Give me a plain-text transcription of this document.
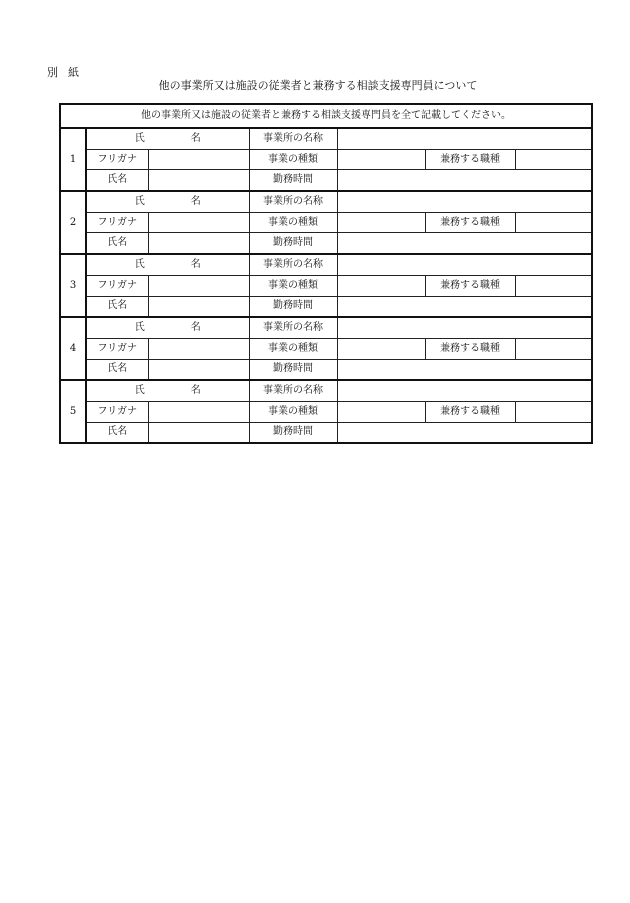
別 紙
他の事業所又は施設の従業者と兼務する相談支援専門員について
他の事業所又は施設の従業者と兼務する相談支援専門員を全て記載してください。						
1	氏 名		事業所の名称			
	フリガナ		事業の種類		兼務する職種	
	氏名		勤務時間			
2	氏 名		事業所の名称			
	フリガナ		事業の種類		兼務する職種	
	氏名		勤務時間			
3	氏 名		事業所の名称			
	フリガナ		事業の種類		兼務する職種	
	氏名		勤務時間			
4	氏 名		事業所の名称			
	フリガナ		事業の種類		兼務する職種	
	氏名		勤務時間			
5	氏 名		事業所の名称			
	フリガナ		事業の種類		兼務する職種	
	氏名		勤務時間			
